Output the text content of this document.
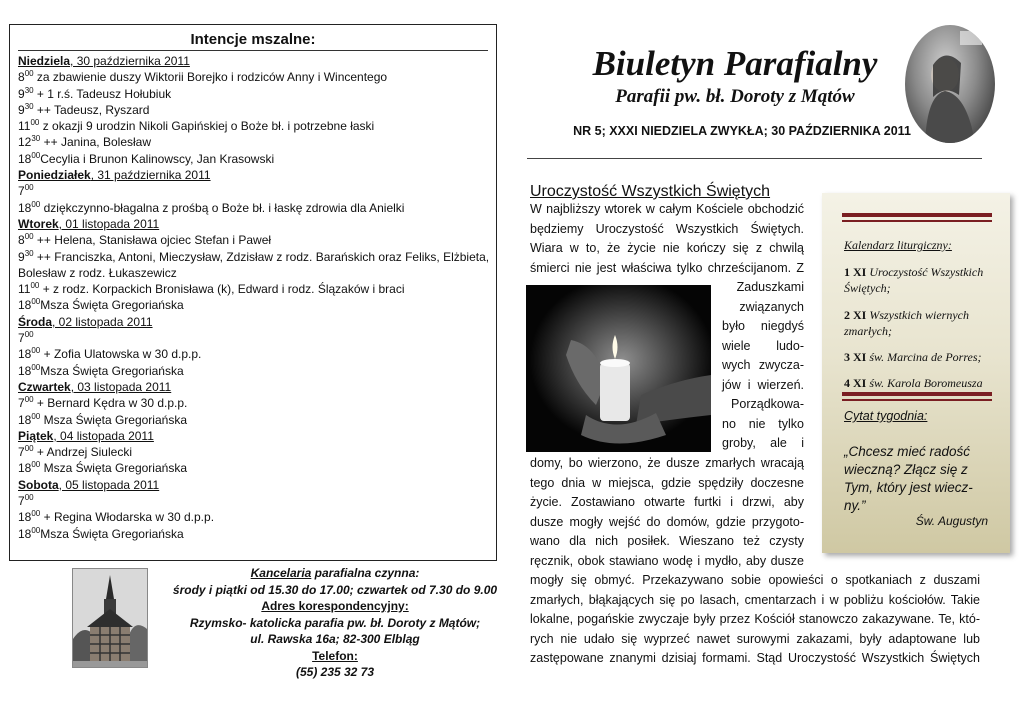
Intencje mszalne:
Niedziela, 30 października 2011
$8^{00}$ za zbawienie duszy Wiktorii Borejko i rodziców Anny i Wincentego
$9^{30} + 1$ r.ś. Tadeusz Hołubiuk
$9^{30}$ ++ Tadeusz, Ryszard
$11^{00}$ z okazji 9 urodzin Nikoli Gapińskiej o Boże bł. i potrzebne łaski
$12^{30}$ ++ Janina, Bolesław
$18^{00}Cecylia$ i Brunon Kalinowscy, Jan Krasowski
Poniedziałek, 31 października 2011
$7^{00}$
$18^{00}$ dziękczynno-błagalna z prośbą o Boże bł. i łaskę zdrowia dla Anielki
Wtorek, 01 listopada 2011
$8^{00}$ ++ Helena, Stanisława ojciec Stefan i Paweł
$9^{30}$ ++ Franciszka, Antoni, Mieczysław, Zdzisław z rodz. Barańskich oraz Feliks, Elżbieta,
Bolesław z rodz. Łukaszewicz
$11^{00} + z$ rodz. Korpackich Bronisława (k), Edward i rodz. Ślązaków i braci
$18^{00}Msza$ Święta Gregoriańska
Środa, 02 listopada 2011
$7^{00}$
$18^{00}$ + Zofia Ulatowska w 30 d.p.p.
$18^{00}Msza$ Święta Gregoriańska
Czwartek, 03 listopada 2011
$7^{00}$ + Bernard Kędra w 30 d.p.p.
$18^{00}$ Msza Święta Gregoriańska
Piątek, 04 listopada 2011
$7^{00}$ + Andrzej Siulecki
$18^{00}$ Msza Święta Gregoriańska
Sobota, 05 listopada 2011
$7^{00}$
$18^{00}$ + Regina Włodarska w 30 d.p.p.
$18^{00}Msza$ Święta Gregoriańska
Kancelaria parafialna czynna:
środy i piątki od 15.30 do 17.00; czwartek od 7.30 do 9.00
Adres korespondencyjny:
Rzymsko- katolicka parafia pw. bł. Doroty z Mątów;
ul. Rawska 16a; 82-300 Elbląg
Telefon:
(55) 235 32 73
Biuletyn Parafialny
Parafii pw. bł. Doroty z Mątów
NR 5; XXXI NIEDZIELA ZWYKŁA; 30 PAŹDZIERNIKA 2011
Uroczystość Wszystkich Świętych
W najbliższy wtorek w całym Kościele obchodzić
będziemy Uroczystość Wszystkich Świętych.
Wiara w to, że życie nie kończy się z chwilą
śmierci nie jest właściwa tylko chrześcijanom. Z
Zaduszkami
związanych
było niegdyś
wiele ludo-
wych zwycza-
jów i wierzeń.
Porządkowa-
no nie tylko
groby, ale i
domy, bo wierzono, że dusze zmarłych wracają
tego dnia w miejsca, gdzie spędziły doczesne
życie. Zostawiano otwarte furtki i drzwi, aby
dusze mogły wejść do domów, gdzie przygoto-
wano dla nich posiłek. Wieszano też czysty
ręcznik, obok stawiano wodę i mydło, aby dusze
mogły się obmyć. Przekazywano sobie opowieści o spotkaniach z duszami
zmarłych, błąkających się po lasach, cmentarzach i w pobliżu kościołów. Takie
lokalne, pogańskie zwyczaje były przez Kościół stanowczo zakazywane. Te, któ-
rych nie udało się wyprzeć nawet surowymi zakazami, były adaptowane lub
zastępowane znanymi dzisiaj formami. Stąd Uroczystość Wszystkich Świętych
Kalendarz liturgiczny:
1 XI Uroczystość Wszystkich Świętych;
2 XI Wszystkich wiernych zmarłych;
3 XI św. Marcina de Porres;
4 XI św. Karola Boromeusza
Cytat tygodnia:
„Chcesz mieć radość wieczną? Złącz się z Tym, który jest wiecz-ny.”
Św. Augustyn
